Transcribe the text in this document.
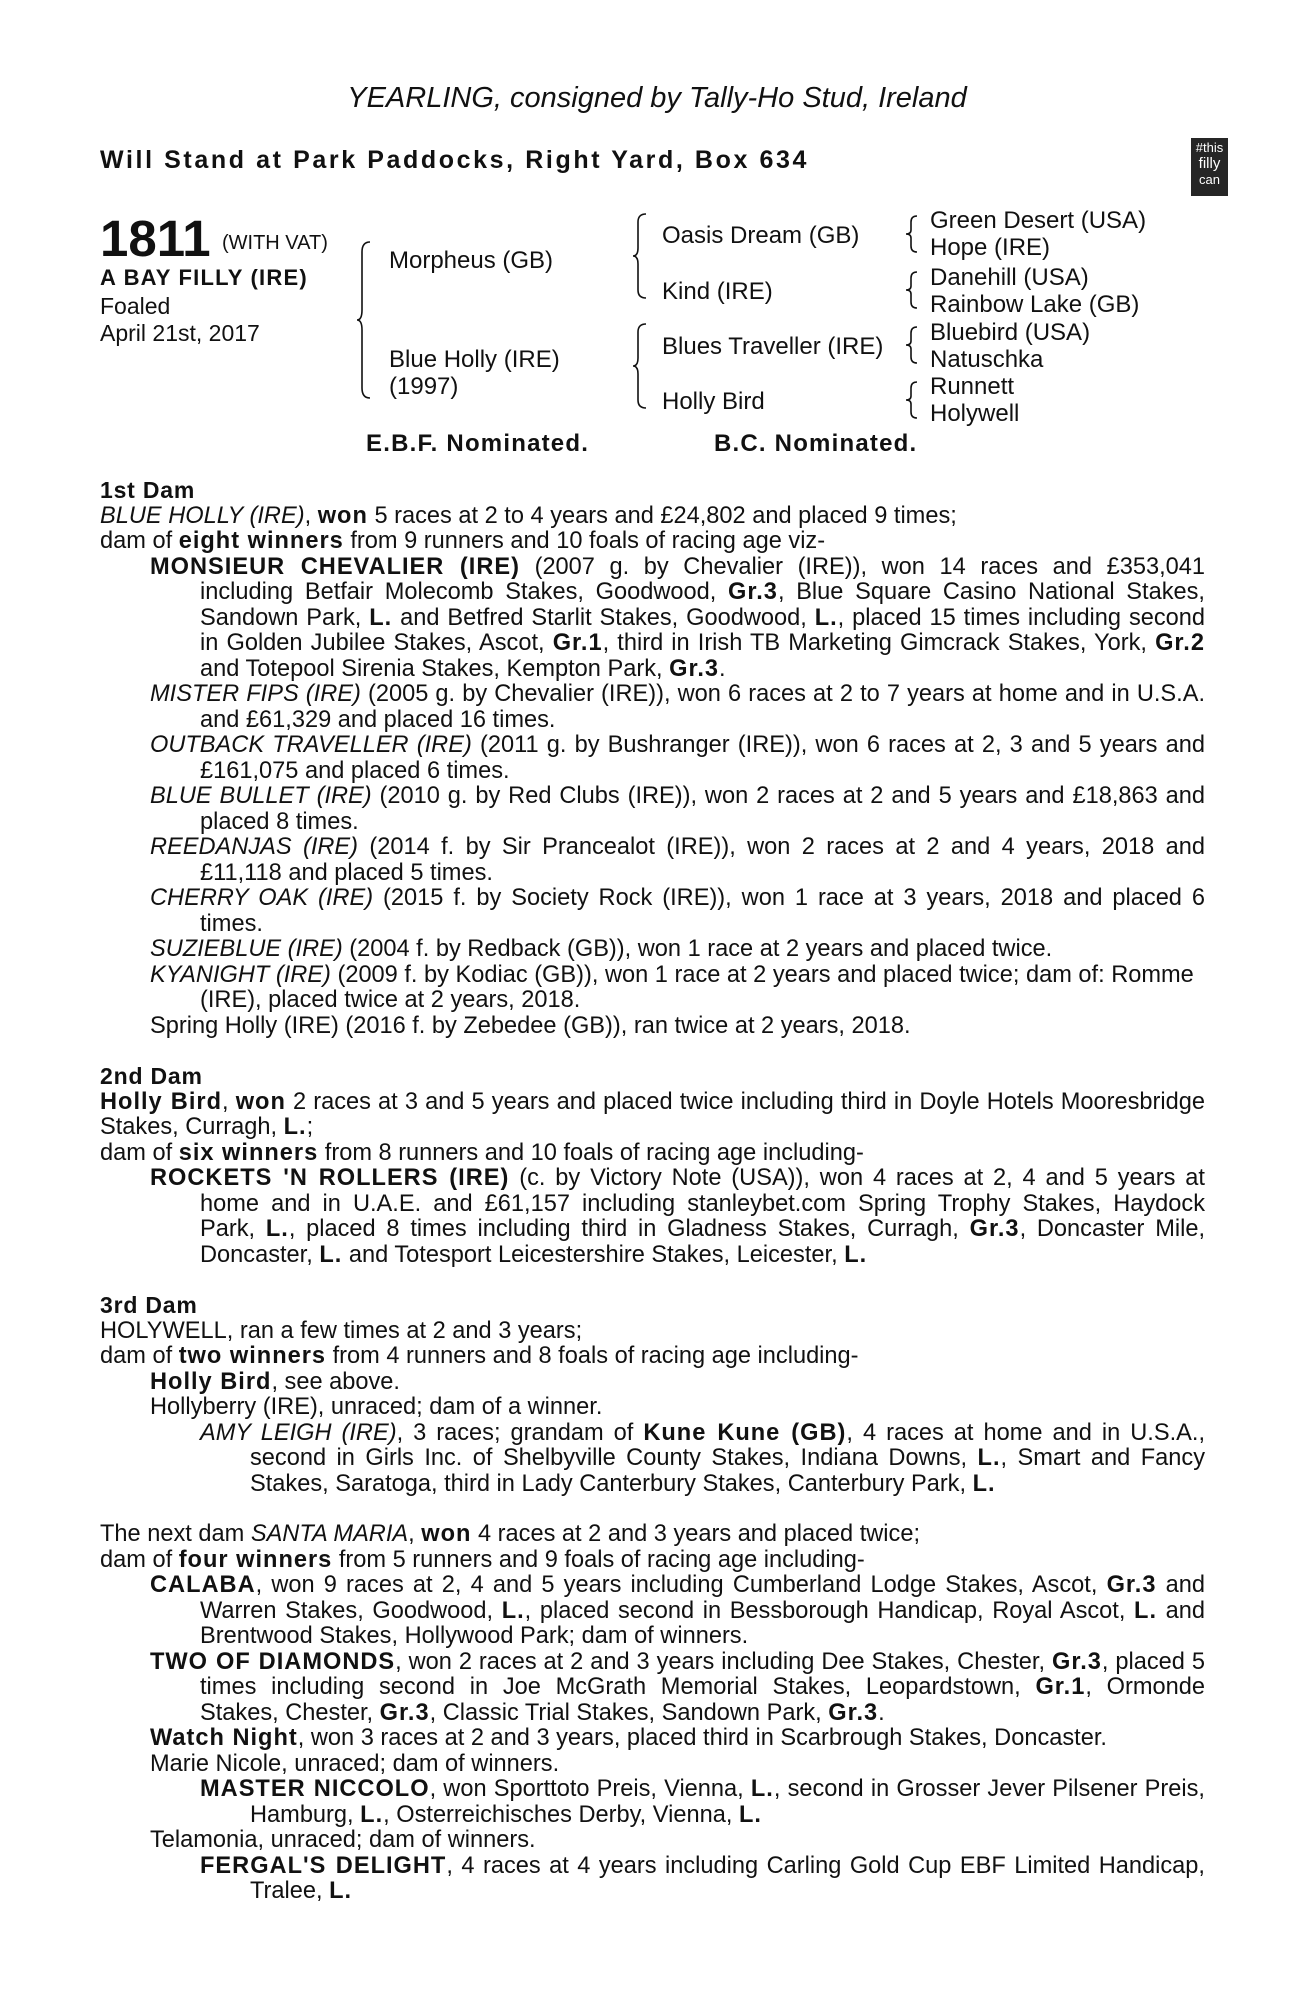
YEARLING, consigned by Tally-Ho Stud, Ireland
Will Stand at Park Paddocks, Right Yard, Box 634	#this
filly
can
1811 (WITH VAT)
A BAY FILLY (IRE)
Foaled
April 21st, 2017
Morpheus (GB)
Blue Holly (IRE)
(1997)
Oasis Dream (GB)
Kind (IRE)
Blues Traveller (IRE)
Holly Bird
Green Desert (USA)
Hope (IRE)
Danehill (USA)
Rainbow Lake (GB)
Bluebird (USA)
Natuschka
Runnett
Holywell
E.B.F. Nominated.	B.C. Nominated.

1st Dam

BLUE HOLLY (IRE), won 5 races at 2 to 4 years and £24,802 and placed 9 times;

dam of eight winners from 9 runners and 10 foals of racing age viz-

MONSIEUR CHEVALIER (IRE) (2007 g. by Chevalier (IRE)), won 14 races and £353,041 including Betfair Molecomb Stakes, Goodwood, Gr.3, Blue Square Casino National Stakes, Sandown Park, L. and Betfred Starlit Stakes, Goodwood, L., placed 15 times including second in Golden Jubilee Stakes, Ascot, Gr.1, third in Irish TB Marketing Gimcrack Stakes, York, Gr.2 and Totepool Sirenia Stakes, Kempton Park, Gr.3.

MISTER FIPS (IRE) (2005 g. by Chevalier (IRE)), won 6 races at 2 to 7 years at home and in U.S.A. and £61,329 and placed 16 times.

OUTBACK TRAVELLER (IRE) (2011 g. by Bushranger (IRE)), won 6 races at 2, 3 and 5 years and £161,075 and placed 6 times.

BLUE BULLET (IRE) (2010 g. by Red Clubs (IRE)), won 2 races at 2 and 5 years and £18,863 and placed 8 times.

REEDANJAS (IRE) (2014 f. by Sir Prancealot (IRE)), won 2 races at 2 and 4 years, 2018 and £11,118 and placed 5 times.

CHERRY OAK (IRE) (2015 f. by Society Rock (IRE)), won 1 race at 3 years, 2018 and placed 6 times.

SUZIEBLUE (IRE) (2004 f. by Redback (GB)), won 1 race at 2 years and placed twice.

KYANIGHT (IRE) (2009 f. by Kodiac (GB)), won 1 race at 2 years and placed twice; dam of: Romme (IRE), placed twice at 2 years, 2018.

Spring Holly (IRE) (2016 f. by Zebedee (GB)), ran twice at 2 years, 2018.

2nd Dam

Holly Bird, won 2 races at 3 and 5 years and placed twice including third in Doyle Hotels Mooresbridge Stakes, Curragh, L.;

dam of six winners from 8 runners and 10 foals of racing age including-

ROCKETS 'N ROLLERS (IRE) (c. by Victory Note (USA)), won 4 races at 2, 4 and 5 years at home and in U.A.E. and £61,157 including stanleybet.com Spring Trophy Stakes, Haydock Park, L., placed 8 times including third in Gladness Stakes, Curragh, Gr.3, Doncaster Mile, Doncaster, L. and Totesport Leicestershire Stakes, Leicester, L.

3rd Dam

HOLYWELL, ran a few times at 2 and 3 years;

dam of two winners from 4 runners and 8 foals of racing age including-

Holly Bird, see above.

Hollyberry (IRE), unraced; dam of a winner.

AMY LEIGH (IRE), 3 races; grandam of Kune Kune (GB), 4 races at home and in U.S.A., second in Girls Inc. of Shelbyville County Stakes, Indiana Downs, L., Smart and Fancy Stakes, Saratoga, third in Lady Canterbury Stakes, Canterbury Park, L.

The next dam SANTA MARIA, won 4 races at 2 and 3 years and placed twice;

dam of four winners from 5 runners and 9 foals of racing age including-

CALABA, won 9 races at 2, 4 and 5 years including Cumberland Lodge Stakes, Ascot, Gr.3 and Warren Stakes, Goodwood, L., placed second in Bessborough Handicap, Royal Ascot, L. and Brentwood Stakes, Hollywood Park; dam of winners.

TWO OF DIAMONDS, won 2 races at 2 and 3 years including Dee Stakes, Chester, Gr.3, placed 5 times including second in Joe McGrath Memorial Stakes, Leopardstown, Gr.1, Ormonde Stakes, Chester, Gr.3, Classic Trial Stakes, Sandown Park, Gr.3.

Watch Night, won 3 races at 2 and 3 years, placed third in Scarbrough Stakes, Doncaster.

Marie Nicole, unraced; dam of winners.

MASTER NICCOLO, won Sporttoto Preis, Vienna, L., second in Grosser Jever Pilsener Preis, Hamburg, L., Osterreichisches Derby, Vienna, L.

Telamonia, unraced; dam of winners.

FERGAL'S DELIGHT, 4 races at 4 years including Carling Gold Cup EBF Limited Handicap, Tralee, L.
